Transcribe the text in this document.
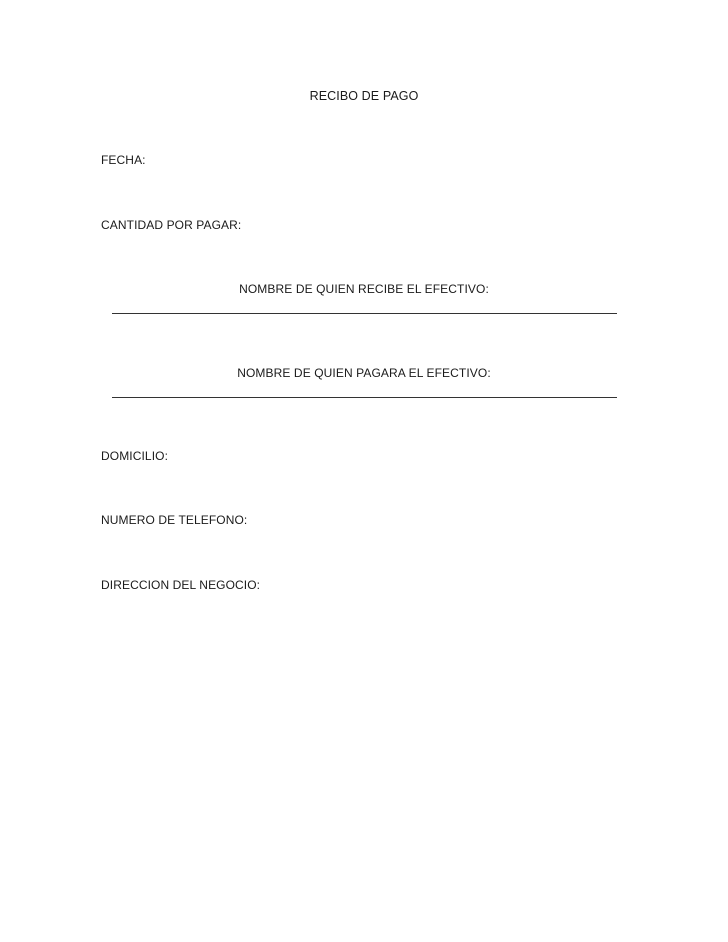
RECIBO DE PAGO
FECHA:
CANTIDAD POR PAGAR:
NOMBRE DE QUIEN RECIBE EL EFECTIVO:
NOMBRE DE QUIEN PAGARA EL EFECTIVO:
DOMICILIO:
NUMERO DE TELEFONO:
DIRECCION DEL NEGOCIO:
